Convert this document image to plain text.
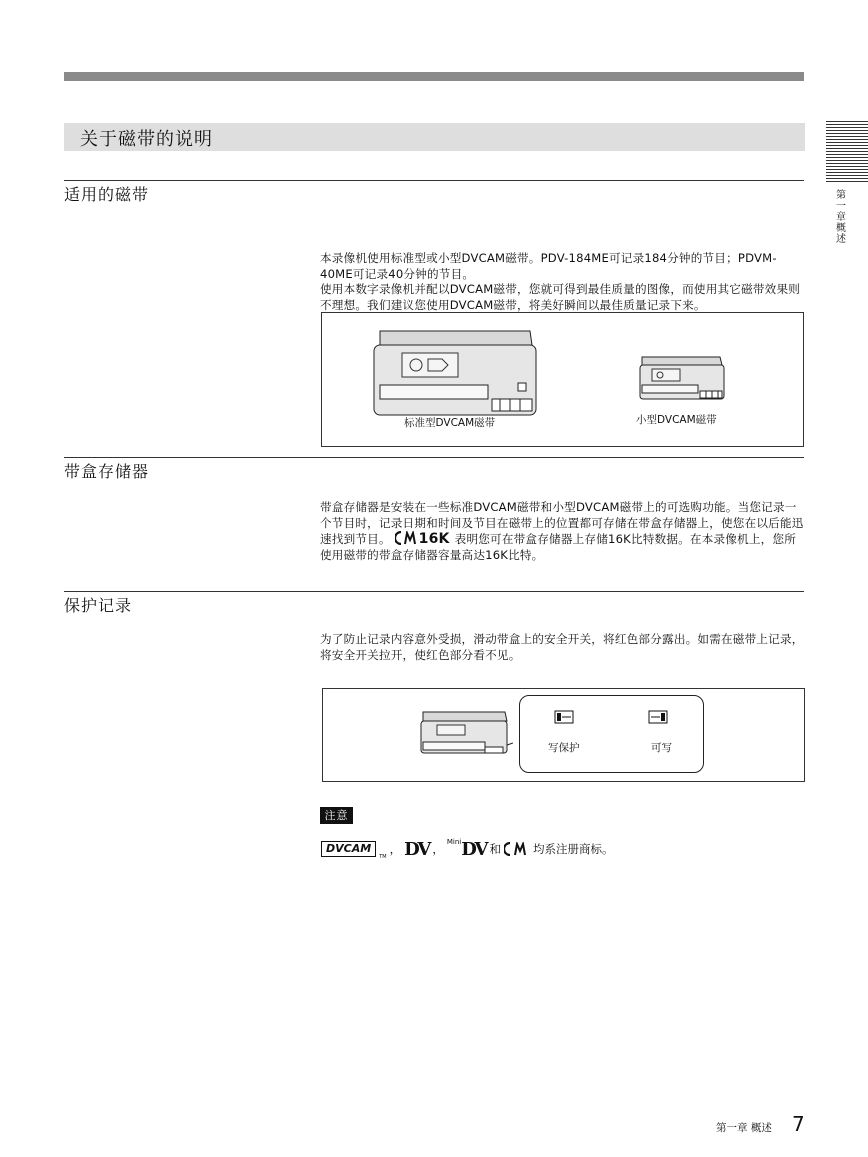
关于磁带的说明
第一章 概述
适用的磁带

本录像机使用标准型或小型DVCAM磁带。PDV-184ME可记录184分钟的节目；PDVM-40ME可记录40分钟的节目。

使用本数字录像机并配以DVCAM磁带，您就可得到最佳质量的图像，而使用其它磁带效果则不理想。我们建议您使用DVCAM磁带，将美好瞬间以最佳质量记录下来。

标准型DVCAM磁带	小型DVCAM磁带
带盒存储器

带盒存储器是安装在一些标准DVCAM磁带和小型DVCAM磁带上的可选购功能。当您记录一个节目时，记录日期和时间及节目在磁带上的位置都可存储在带盒存储器上，使您在以后能迅速找到节目。 16K 表明您可在带盒存储器上存储16K比特数据。在本录像机上，您所使用磁带的带盒存储器容量高达16K比特。

保护记录

为了防止记录内容意外受损，滑动带盒上的安全开关，将红色部分露出。如需在磁带上记录，将安全开关拉开，使红色部分看不见。

写保护	可写
注意
DVCAM
TM
， DV ， Mini DV 和	均系注册商标。
第一章 概述 7
